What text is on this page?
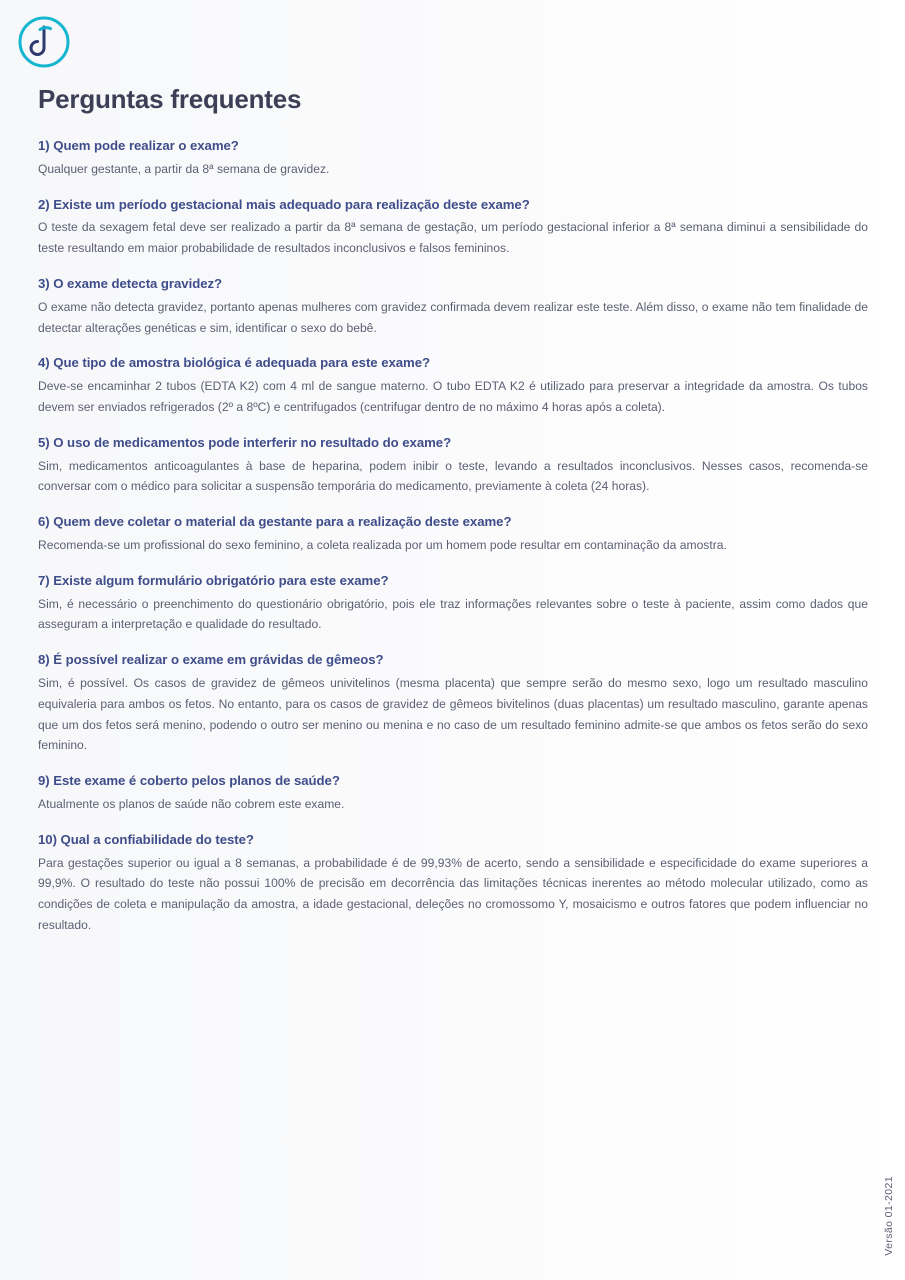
Perguntas frequentes

1) Quem pode realizar o exame?

Qualquer gestante, a partir da 8ª semana de gravidez.

2) Existe um período gestacional mais adequado para realização deste exame?

O teste da sexagem fetal deve ser realizado a partir da 8ª semana de gestação, um período gestacional inferior a 8ª semana diminui a sensibilidade do teste resultando em maior probabilidade de resultados inconclusivos e falsos femininos.

3) O exame detecta gravidez?

O exame não detecta gravidez, portanto apenas mulheres com gravidez confirmada devem realizar este teste. Além disso, o exame não tem finalidade de detectar alterações genéticas e sim, identificar o sexo do bebê.

4) Que tipo de amostra biológica é adequada para este exame?

Deve-se encaminhar 2 tubos (EDTA K2) com 4 ml de sangue materno. O tubo EDTA K2 é utilizado para preservar a integridade da amostra. Os tubos devem ser enviados refrigerados (2º a 8ºC) e centrifugados (centrifugar dentro de no máximo 4 horas após a coleta).

5) O uso de medicamentos pode interferir no resultado do exame?

Sim, medicamentos anticoagulantes à base de heparina, podem inibir o teste, levando a resultados inconclusivos. Nesses casos, recomenda-se conversar com o médico para solicitar a suspensão temporária do medicamento, previamente à coleta (24 horas).

6) Quem deve coletar o material da gestante para a realização deste exame?

Recomenda-se um profissional do sexo feminino, a coleta realizada por um homem pode resultar em contaminação da amostra.

7) Existe algum formulário obrigatório para este exame?

Sim, é necessário o preenchimento do questionário obrigatório, pois ele traz informações relevantes sobre o teste à paciente, assim como dados que asseguram a interpretação e qualidade do resultado.

8) É possível realizar o exame em grávidas de gêmeos?

Sim, é possível. Os casos de gravidez de gêmeos univitelinos (mesma placenta) que sempre serão do mesmo sexo, logo um resultado masculino equivaleria para ambos os fetos. No entanto, para os casos de gravidez de gêmeos bivitelinos (duas placentas) um resultado masculino, garante apenas que um dos fetos será menino, podendo o outro ser menino ou menina e no caso de um resultado feminino admite-se que ambos os fetos serão do sexo feminino.

9) Este exame é coberto pelos planos de saúde?

Atualmente os planos de saúde não cobrem este exame.

10) Qual a confiabilidade do teste?

Para gestações superior ou igual a 8 semanas, a probabilidade é de 99,93% de acerto, sendo a sensibilidade e especificidade do exame superiores a 99,9%. O resultado do teste não possui 100% de precisão em decorrência das limitações técnicas inerentes ao método molecular utilizado, como as condições de coleta e manipulação da amostra, a idade gestacional, deleções no cromossomo Y, mosaicismo e outros fatores que podem influenciar no resultado.

Versão 01-2021
